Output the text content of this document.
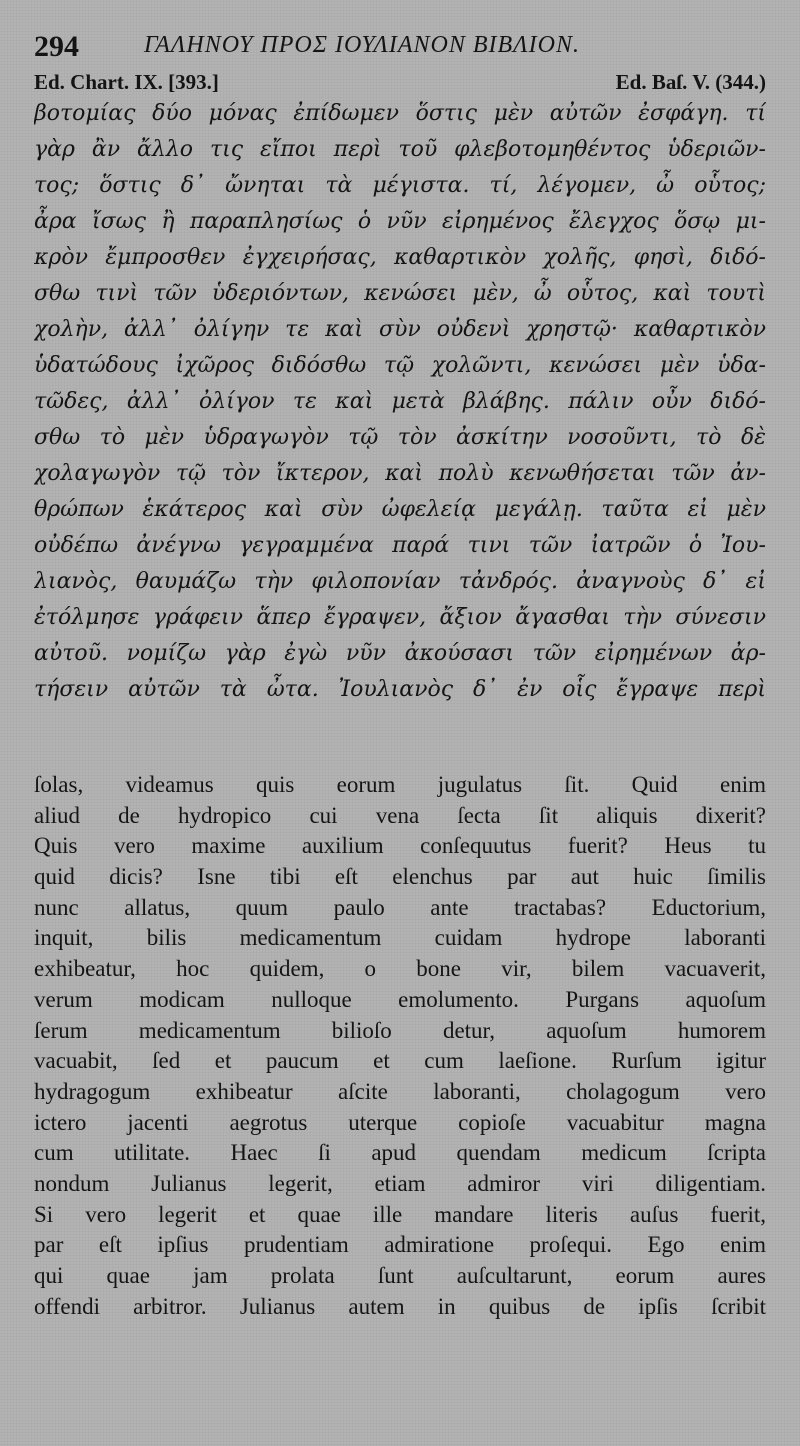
294	ΓΑΛΗΝΟΥ ΠΡΟΣ ΙΟΥΛΙΑΝΟΝ ΒΙΒΛΙΟΝ.
Ed. Chart. IX. [393.]	Ed. Baſ. V. (344.)
βοτομίας δύο μόνας ἐπίδωμεν ὅστις μὲν αὐτῶν ἐσφάγη. τί
γὰρ ἂν ἄλλο τις εἴποι περὶ τοῦ φλεβοτομηθέντος ὑδεριῶν-
τος; ὅστις δ᾽ ὤνηται τὰ μέγιστα. τί, λέγομεν, ὦ οὗτος;
ἆρα ἴσως ἢ παραπλησίως ὁ νῦν εἰρημένος ἔλεγχος ὅσῳ μι-
κρὸν ἔμπροσθεν ἐγχειρήσας, καθαρτικὸν χολῆς, φησὶ, διδό-
σθω τινὶ τῶν ὑδεριόντων, κενώσει μὲν, ὦ οὗτος, καὶ τουτὶ
χολὴν, ἀλλ᾽ ὀλίγην τε καὶ σὺν οὐδενὶ χρηστῷ· καθαρτικὸν
ὑδατώδους ἰχῶρος διδόσθω τῷ χολῶντι, κενώσει μὲν ὑδα-
τῶδες, ἀλλ᾽ ὀλίγον τε καὶ μετὰ βλάβης. πάλιν οὖν διδό-
σθω τὸ μὲν ὑδραγωγὸν τῷ τὸν ἀσκίτην νοσοῦντι, τὸ δὲ
χολαγωγὸν τῷ τὸν ἴκτερον, καὶ πολὺ κενωθήσεται τῶν ἀν-
θρώπων ἑκάτερος καὶ σὺν ὠφελείᾳ μεγάλῃ. ταῦτα εἰ μὲν
οὐδέπω ἀνέγνω γεγραμμένα παρά τινι τῶν ἰατρῶν ὁ Ἰου-
λιανὸς, θαυμάζω τὴν φιλοπονίαν τἀνδρός. ἀναγνοὺς δ᾽ εἰ
ἐτόλμησε γράφειν ἅπερ ἔγραψεν, ἄξιον ἄγασθαι τὴν σύνεσιν
αὐτοῦ. νομίζω γὰρ ἐγὼ νῦν ἀκούσασι τῶν εἰρημένων ἀρ-
τήσειν αὐτῶν τὰ ὦτα. Ἰουλιανὸς δ᾽ ἐν οἷς ἔγραψε περὶ
ſolas, videamus quis eorum jugulatus ſit. Quid enim
aliud de hydropico cui vena ſecta ſit aliquis dixerit?
Quis vero maxime auxilium conſequutus fuerit? Heus tu
quid dicis? Isne tibi eſt elenchus par aut huic ſimilis
nunc allatus, quum paulo ante tractabas? Eductorium,
inquit, bilis medicamentum cuidam hydrope laboranti
exhibeatur, hoc quidem, o bone vir, bilem vacuaverit,
verum modicam nulloque emolumento. Purgans aquoſum
ſerum medicamentum bilioſo detur, aquoſum humorem
vacuabit, ſed et paucum et cum laeſione. Rurſum igitur
hydragogum exhibeatur aſcite laboranti, cholagogum vero
ictero jacenti aegrotus uterque copioſe vacuabitur magna
cum utilitate. Haec ſi apud quendam medicum ſcripta
nondum Julianus legerit, etiam admiror viri diligentiam.
Si vero legerit et quae ille mandare literis auſus fuerit,
par eſt ipſius prudentiam admiratione proſequi. Ego enim
qui quae jam prolata ſunt auſcultarunt, eorum aures
offendi arbitror. Julianus autem in quibus de ipſis ſcribit
